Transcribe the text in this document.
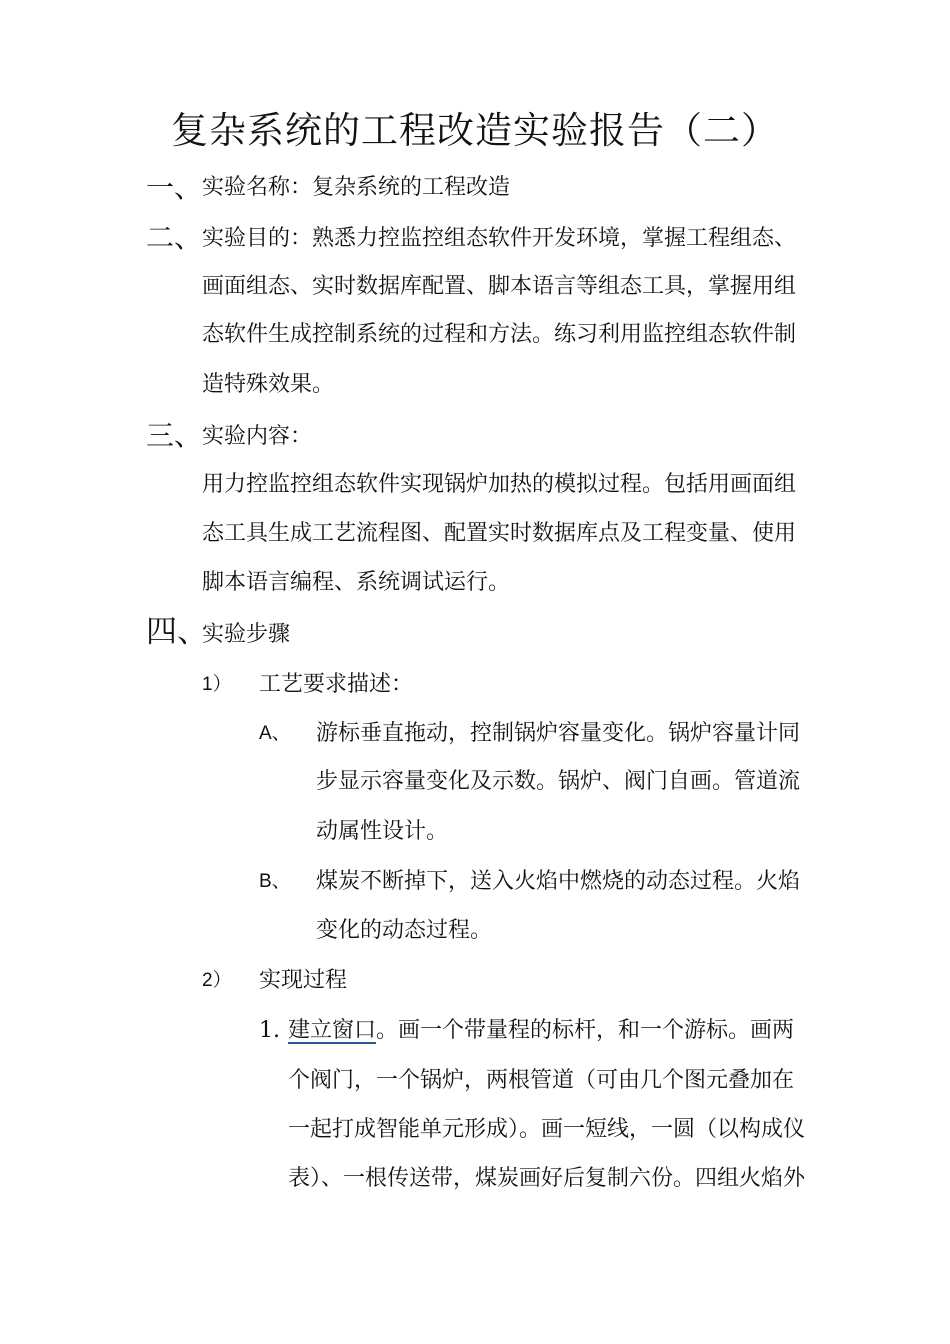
复杂系统的工程改造实验报告（二）
一、 实验名称：复杂系统的工程改造
二、 实验目的：熟悉力控监控组态软件开发环境，掌握工程组态、
画面组态、实时数据库配置、脚本语言等组态工具，掌握用组
态软件生成控制系统的过程和方法。练习利用监控组态软件制
造特殊效果。
三、 实验内容：
用力控监控组态软件实现锅炉加热的模拟过程。包括用画面组
态工具生成工艺流程图、配置实时数据库点及工程变量、使用
脚本语言编程、系统调试运行。
四、
实验步骤
1） 工艺要求描述：
A、 游标垂直拖动，控制锅炉容量变化。锅炉容量计同
步显示容量变化及示数。锅炉、阀门自画。管道流
动属性设计。
B、 煤炭不断掉下，送入火焰中燃烧的动态过程。火焰
变化的动态过程。
2） 实现过程
1. 建立窗口。画一个带量程的标杆，和一个游标。画两
个阀门，一个锅炉，两根管道（可由几个图元叠加在
一起打成智能单元形成）。画一短线，一圆（以构成仪
表）、一根传送带，煤炭画好后复制六份。四组火焰外
